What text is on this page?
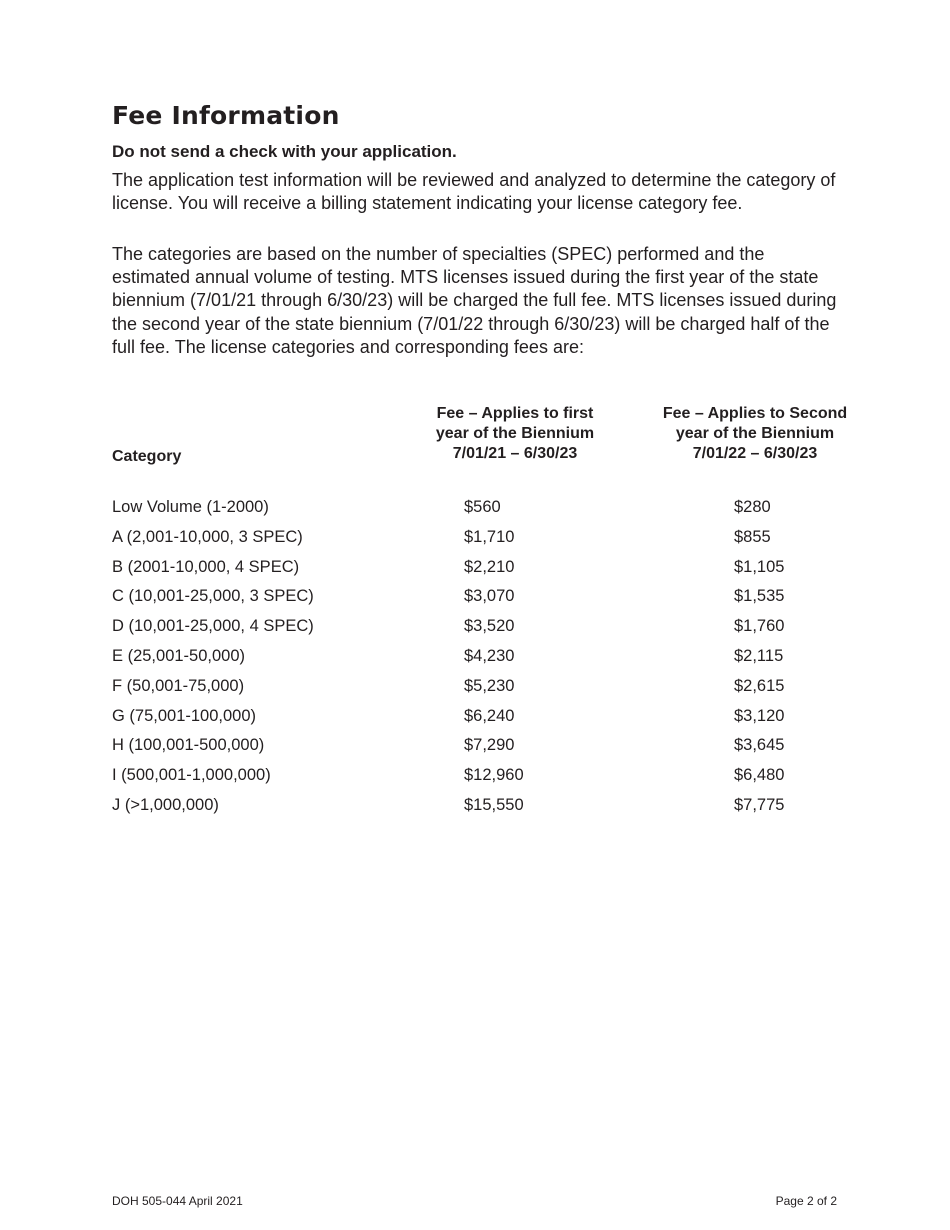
Fee Information

Do not send a check with your application.

The application test information will be reviewed and analyzed to determine the category of license. You will receive a billing statement indicating your license category fee.

The categories are based on the number of specialties (SPEC) performed and the estimated annual volume of testing. MTS licenses issued during the first year of the state biennium (7/01/21 through 6/30/23) will be charged the full fee. MTS licenses issued during the second year of the state biennium (7/01/22 through 6/30/23) will be charged half of the full fee. The license categories and corresponding fees are:

Category
Fee – Applies to first
year of the Biennium
7/01/21 – 6/30/23
Fee – Applies to Second
year of the Biennium
7/01/22 – 6/30/23
Low Volume (1-2000)	$560	$280
A (2,001-10,000, 3 SPEC)	$1,710	$855
B (2001-10,000, 4 SPEC)	$2,210	$1,105
C (10,001-25,000, 3 SPEC)	$3,070	$1,535
D (10,001-25,000, 4 SPEC)	$3,520	$1,760
E (25,001-50,000)	$4,230	$2,115
F (50,001-75,000)	$5,230	$2,615
G (75,001-100,000)	$6,240	$3,120
H (100,001-500,000)	$7,290	$3,645
I (500,001-1,000,000)	$12,960	$6,480
J (>1,000,000)	$15,550	$7,775
DOH 505-044 April 2021	Page 2 of 2
